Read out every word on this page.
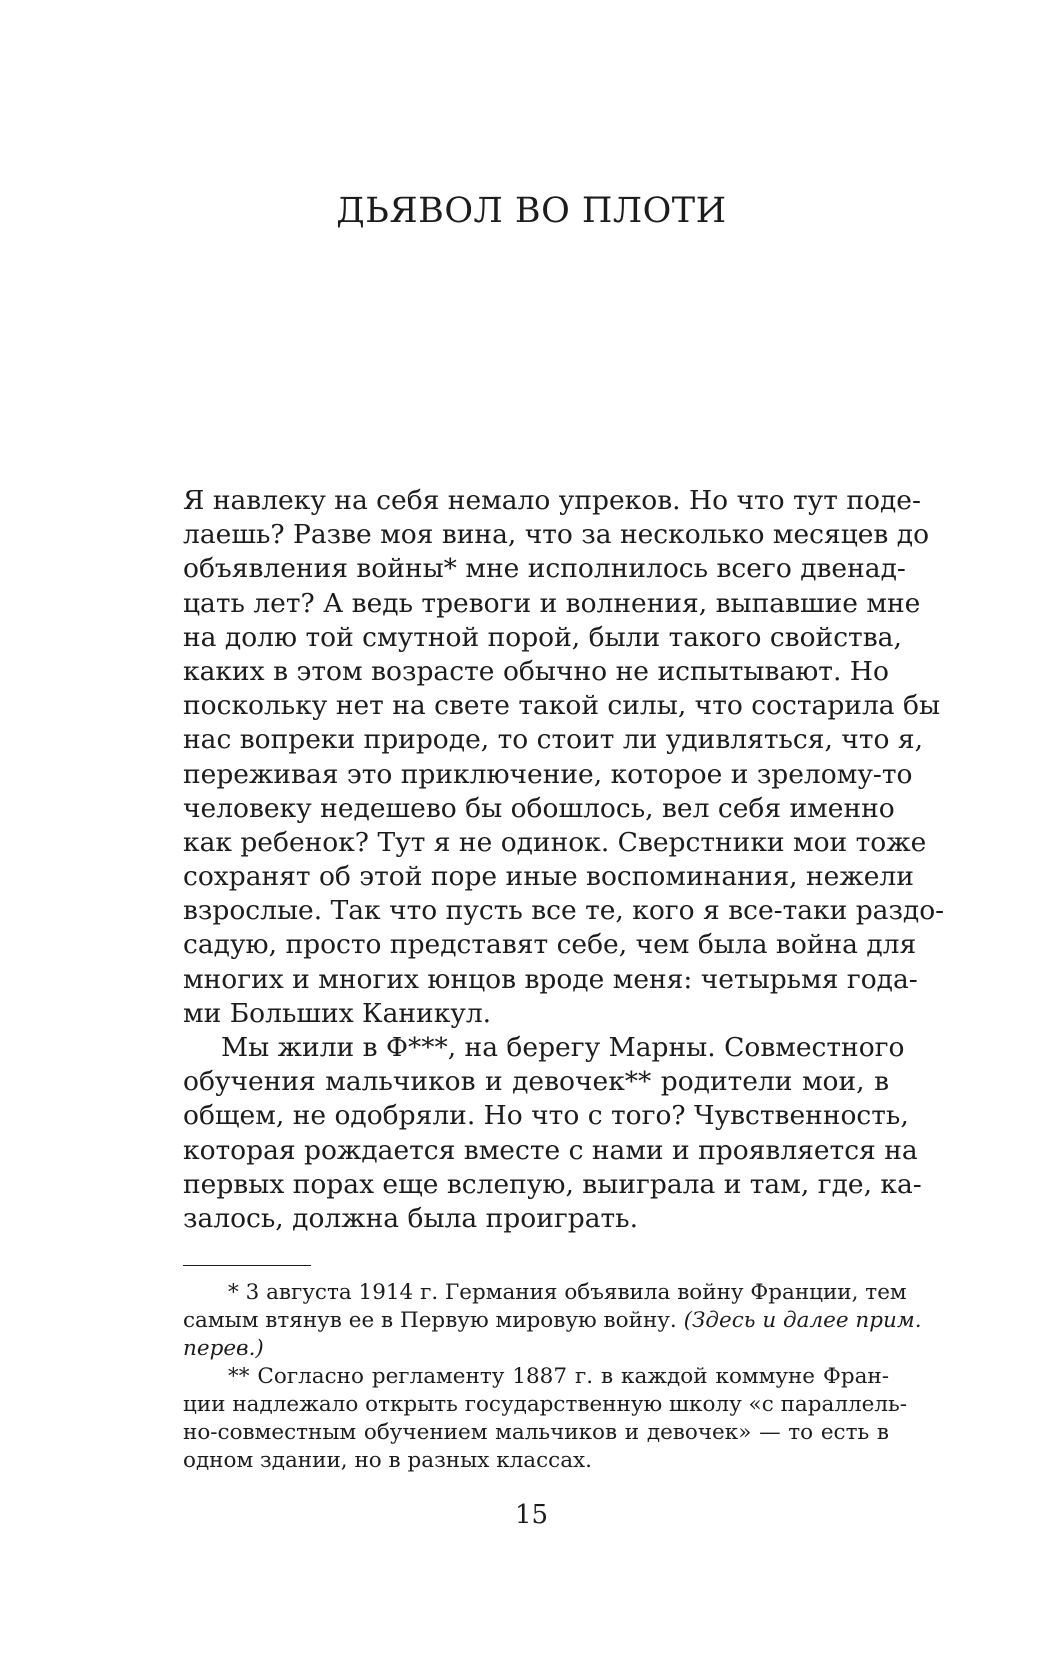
ДЬЯВОЛ ВО ПЛОТИ
Я навлеку на себя немало упреков. Но что тут поде-
лаешь? Разве моя вина, что за несколько месяцев до
объявления войны* мне исполнилось всего двенад-
цать лет? А ведь тревоги и волнения, выпавшие мне
на долю той смутной порой, были такого свойства,
каких в этом возрасте обычно не испытывают. Но
поскольку нет на свете такой силы, что состарила бы
нас вопреки природе, то стоит ли удивляться, что я,
переживая это приключение, которое и зрелому-то
человеку недешево бы обошлось, вел себя именно
как ребенок? Тут я не одинок. Сверстники мои тоже
сохранят об этой поре иные воспоминания, нежели
взрослые. Так что пусть все те, кого я все-таки раздо-
садую, просто представят себе, чем была война для
многих и многих юнцов вроде меня: четырьмя года-
ми Больших Каникул.
Мы жили в Ф***, на берегу Марны. Совместного
обучения мальчиков и девочек** родители мои, в
общем, не одобряли. Но что с того? Чувственность,
которая рождается вместе с нами и проявляется на
первых порах еще вслепую, выиграла и там, где, ка-
залось, должна была проиграть.
* 3 августа 1914 г. Германия объявила войну Франции, тем
самым втянув ее в Первую мировую войну. (Здесь и далее прим.
перев.)
** Согласно регламенту 1887 г. в каждой коммуне Фран-
ции надлежало открыть государственную школу «с параллель-
но-совместным обучением мальчиков и девочек» — то есть в
одном здании, но в разных классах.
15
